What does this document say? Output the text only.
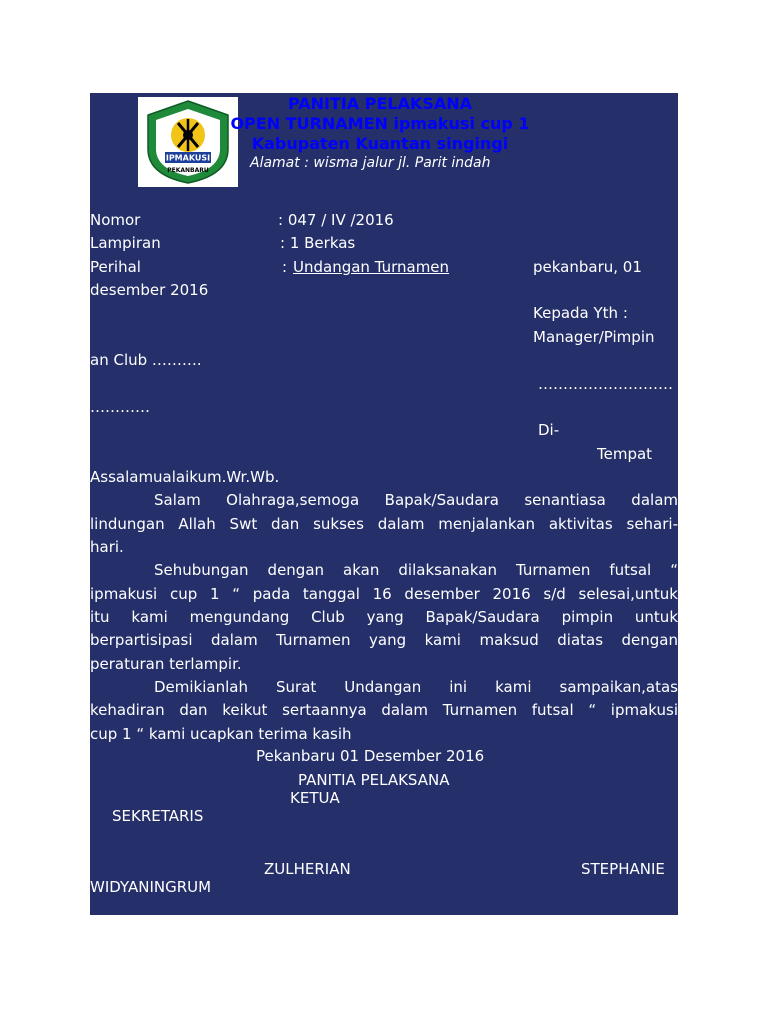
IPMAKUSI
PEKANBARU
PANITIA PELAKSANA
OPEN TURNAMEN ipmakusi cup 1
Kabupaten Kuantan singingi
Alamat : wisma jalur jl. Parit indah
Nomor	: 047 / IV /2016
Lampiran	: 1 Berkas
Perihal	: Undangan Turnamen	pekanbaru, 01
desember 2016
Kepada Yth :
Manager/Pimpin
an Club ……….
………………………
…………
Di-
Tempat
Assalamualaikum.Wr.Wb.
Salam Olahraga,semoga Bapak/Saudara senantiasa dalam
lindungan Allah Swt dan sukses dalam menjalankan aktivitas sehari-
hari.
Sehubungan dengan akan dilaksanakan Turnamen futsal “
ipmakusi cup 1 “ pada tanggal 16 desember 2016 s/d selesai,untuk
itu kami mengundang Club yang Bapak/Saudara pimpin untuk
berpartisipasi dalam Turnamen yang kami maksud diatas dengan
peraturan terlampir.
Demikianlah Surat Undangan ini kami sampaikan,atas
kehadiran dan keikut sertaannya dalam Turnamen futsal “ ipmakusi
cup 1 “ kami ucapkan terima kasih
Pekanbaru 01 Desember 2016
PANITIA PELAKSANA
KETUA
SEKRETARIS
ZULHERIAN	STEPHANIE
WIDYANINGRUM
